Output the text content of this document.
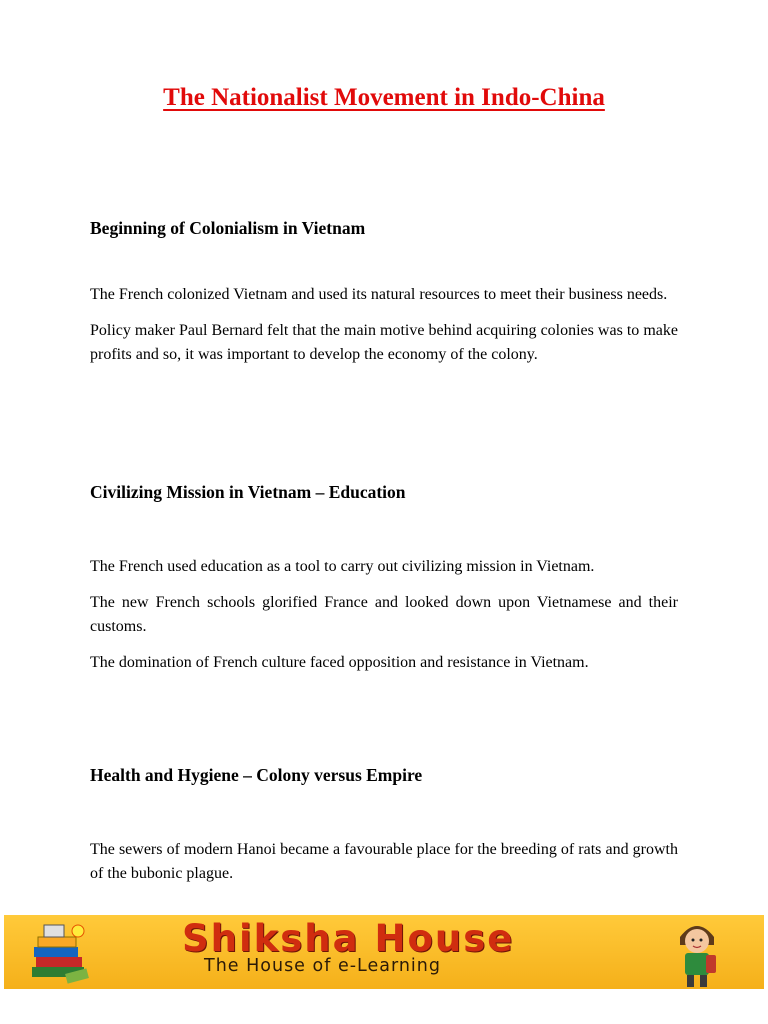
The Nationalist Movement in Indo-China
Beginning of Colonialism in Vietnam

The French colonized Vietnam and used its natural resources to meet their business needs.

Policy maker Paul Bernard felt that the main motive behind acquiring colonies was to make profits and so, it was important to develop the economy of the colony.

Civilizing Mission in Vietnam – Education

The French used education as a tool to carry out civilizing mission in Vietnam.

The new French schools glorified France and looked down upon Vietnamese and their customs.

The domination of French culture faced opposition and resistance in Vietnam.

Health and Hygiene – Colony versus Empire

The sewers of modern Hanoi became a favourable place for the breeding of rats and growth of the bubonic plague.

Shiksha House
The House of e-Learning
